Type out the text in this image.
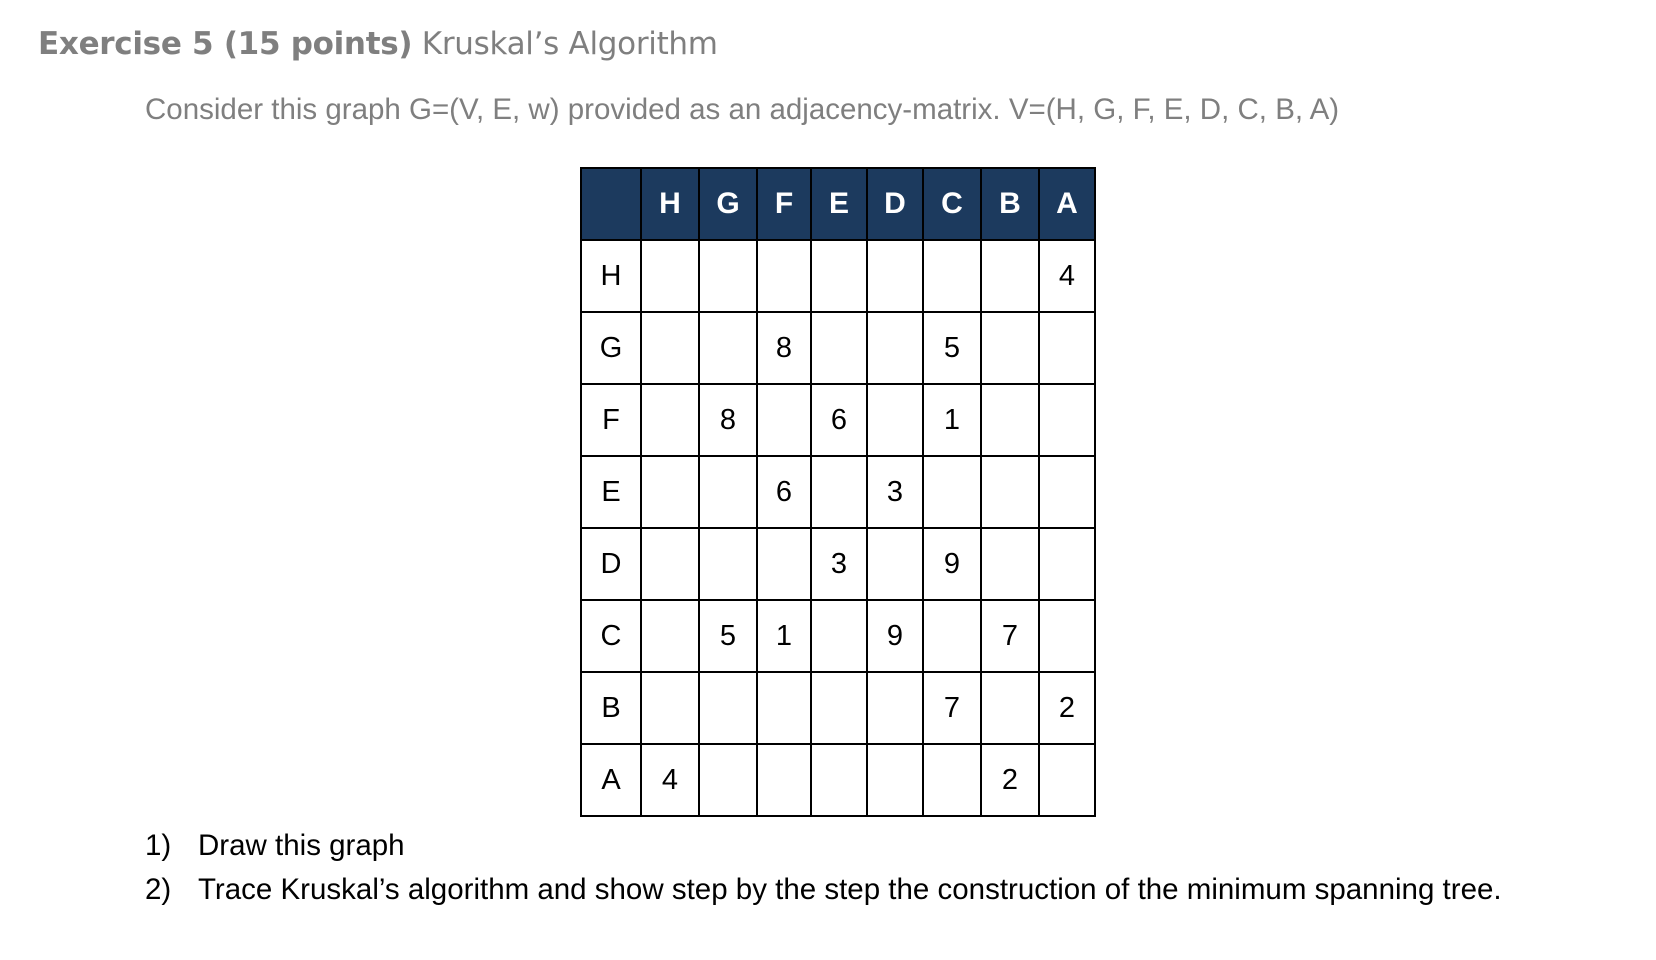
Exercise 5 (15 points) Kruskal’s Algorithm
Consider this graph G=(V, E, w) provided as an adjacency-matrix. V=(H, G, F, E, D, C, B, A)
	H	G	F	E	D	C	B	A
H								4
G			8			5		
F		8		6		1		
E			6		3			
D				3		9		
C		5	1		9		7	
B						7		2
A	4						2	
1) Draw this graph
2) Trace Kruskal’s algorithm and show step by the step the construction of the minimum spanning tree.
